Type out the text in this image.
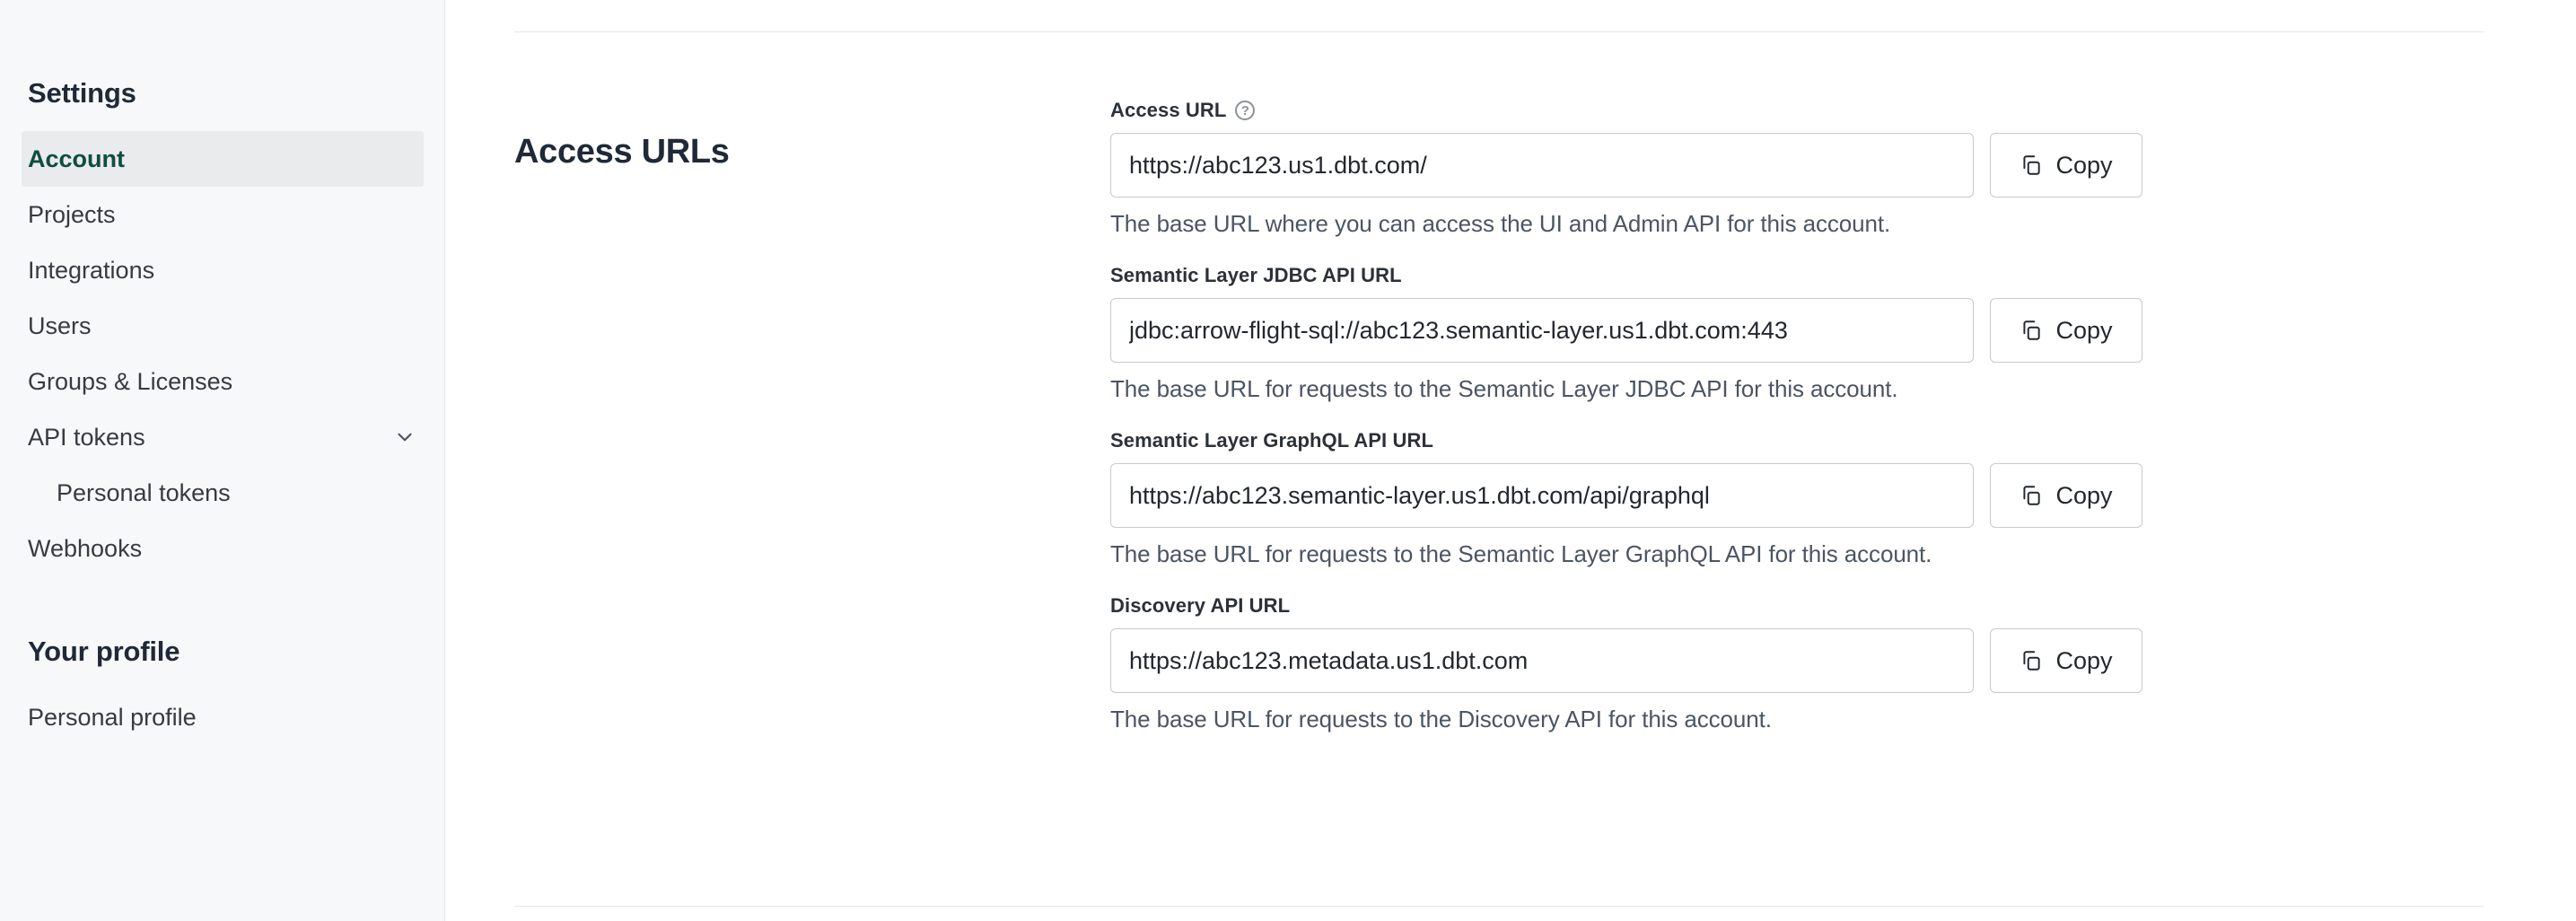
Settings
Account
Projects
Integrations
Users
Groups & Licenses
API tokens
Personal tokens
Webhooks
Your profile
Personal profile
Access URLs
Access URL	?
https://abc123.us1.dbt.com/
Copy
The base URL where you can access the UI and Admin API for this account.
Semantic Layer JDBC API URL
jdbc:arrow-flight-sql://abc123.semantic-layer.us1.dbt.com:443
Copy
The base URL for requests to the Semantic Layer JDBC API for this account.
Semantic Layer GraphQL API URL
https://abc123.semantic-layer.us1.dbt.com/api/graphql
Copy
The base URL for requests to the Semantic Layer GraphQL API for this account.
Discovery API URL
https://abc123.metadata.us1.dbt.com
Copy
The base URL for requests to the Discovery API for this account.
